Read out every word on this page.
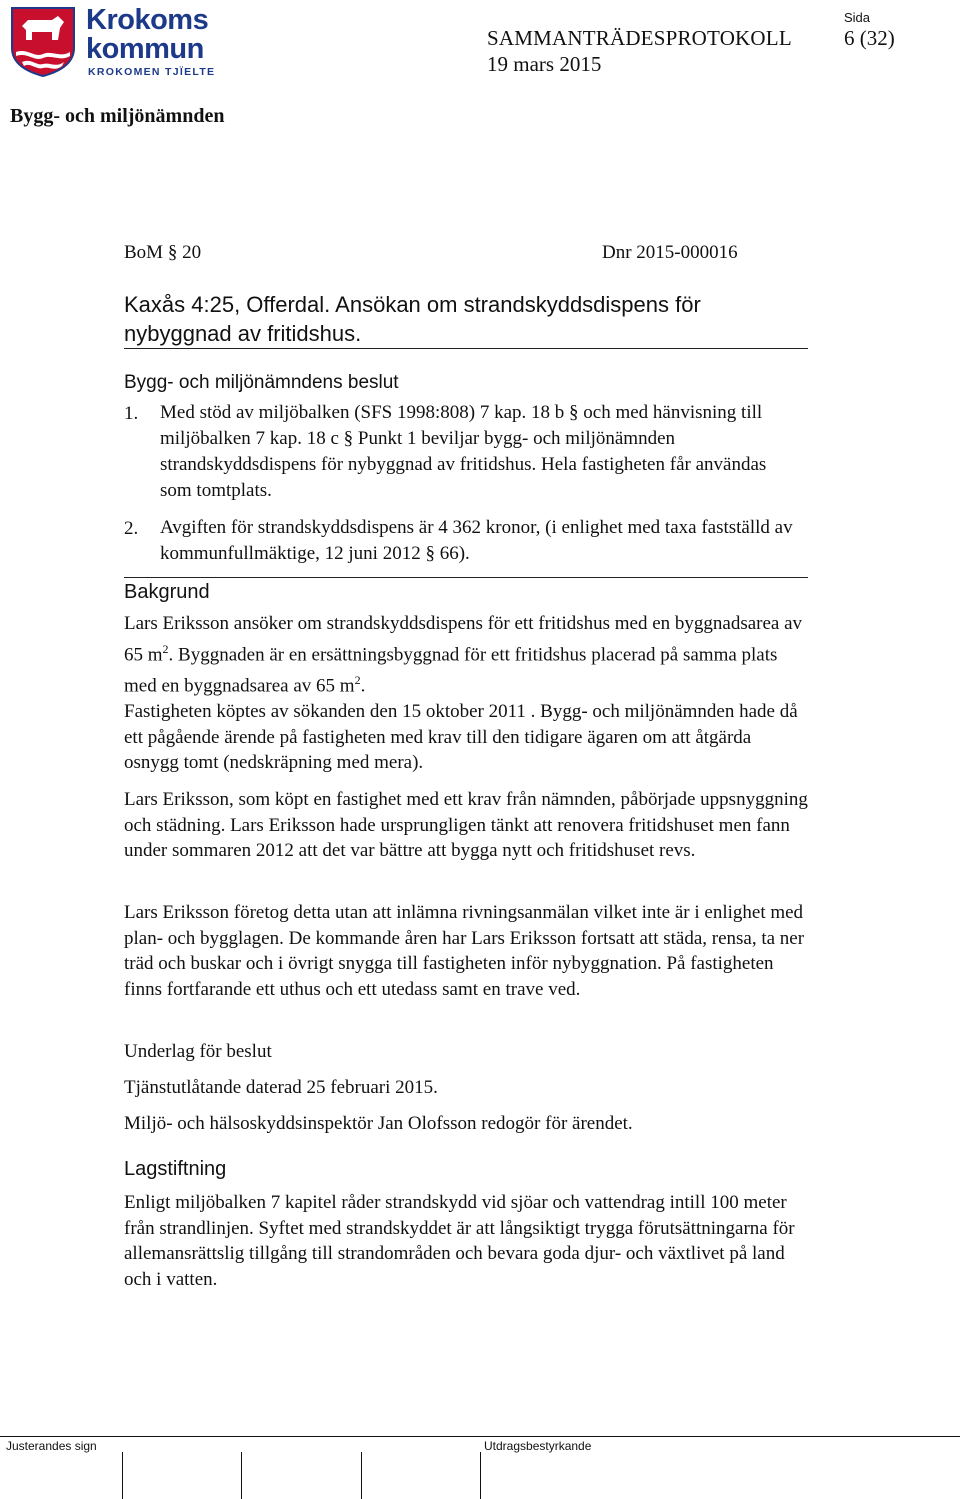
Krokoms
kommun
KROKOMEN TJÏELTE
Sida
SAMMANTRÄDESPROTOKOLL 6 (32)
19 mars 2015
Bygg- och miljönämnden
BoM § 20	Dnr 2015-000016
Kaxås 4:25, Offerdal. Ansökan om strandskyddsdispens för nybyggnad av fritidshus.
Bygg- och miljönämndens beslut
1. Med stöd av miljöbalken (SFS 1998:808) 7 kap. 18 b § och med hänvisning till miljöbalken 7 kap. 18 c § Punkt 1 beviljar bygg- och miljönämnden strandskyddsdispens för nybyggnad av fritidshus. Hela fastigheten får användas som tomtplats.
2. Avgiften för strandskyddsdispens är 4 362 kronor, (i enlighet med taxa fastställd av kommunfullmäktige, 12 juni 2012 § 66).
Bakgrund
Lars Eriksson ansöker om strandskyddsdispens för ett fritidshus med en byggnadsarea av 65 $m^2$. Byggnaden är en ersättningsbyggnad för ett fritidshus placerad på samma plats med en byggnadsarea av 65 $m^2$.
Fastigheten köptes av sökanden den 15 oktober 2011 . Bygg- och miljönämnden hade då ett pågående ärende på fastigheten med krav till den tidigare ägaren om att åtgärda osnygg tomt (nedskräpning med mera).
Lars Eriksson, som köpt en fastighet med ett krav från nämnden, påbörjade uppsnyggning och städning. Lars Eriksson hade ursprungligen tänkt att renovera fritidshuset men fann under sommaren 2012 att det var bättre att bygga nytt och fritidshuset revs.
Lars Eriksson företog detta utan att inlämna rivningsanmälan vilket inte är i enlighet med plan- och bygglagen. De kommande åren har Lars Eriksson fortsatt att städa, rensa, ta ner träd och buskar och i övrigt snygga till fastigheten inför nybyggnation. På fastigheten finns fortfarande ett uthus och ett utedass samt en trave ved.
Underlag för beslut
Tjänstutlåtande daterad 25 februari 2015.
Miljö- och hälsoskyddsinspektör Jan Olofsson redogör för ärendet.
Lagstiftning
Enligt miljöbalken 7 kapitel råder strandskydd vid sjöar och vattendrag intill 100 meter från strandlinjen. Syftet med strandskyddet är att långsiktigt trygga förutsättningarna för allemansrättslig tillgång till strandområden och bevara goda djur- och växtlivet på land och i vatten.
Justerandes sign	Utdragsbestyrkande
